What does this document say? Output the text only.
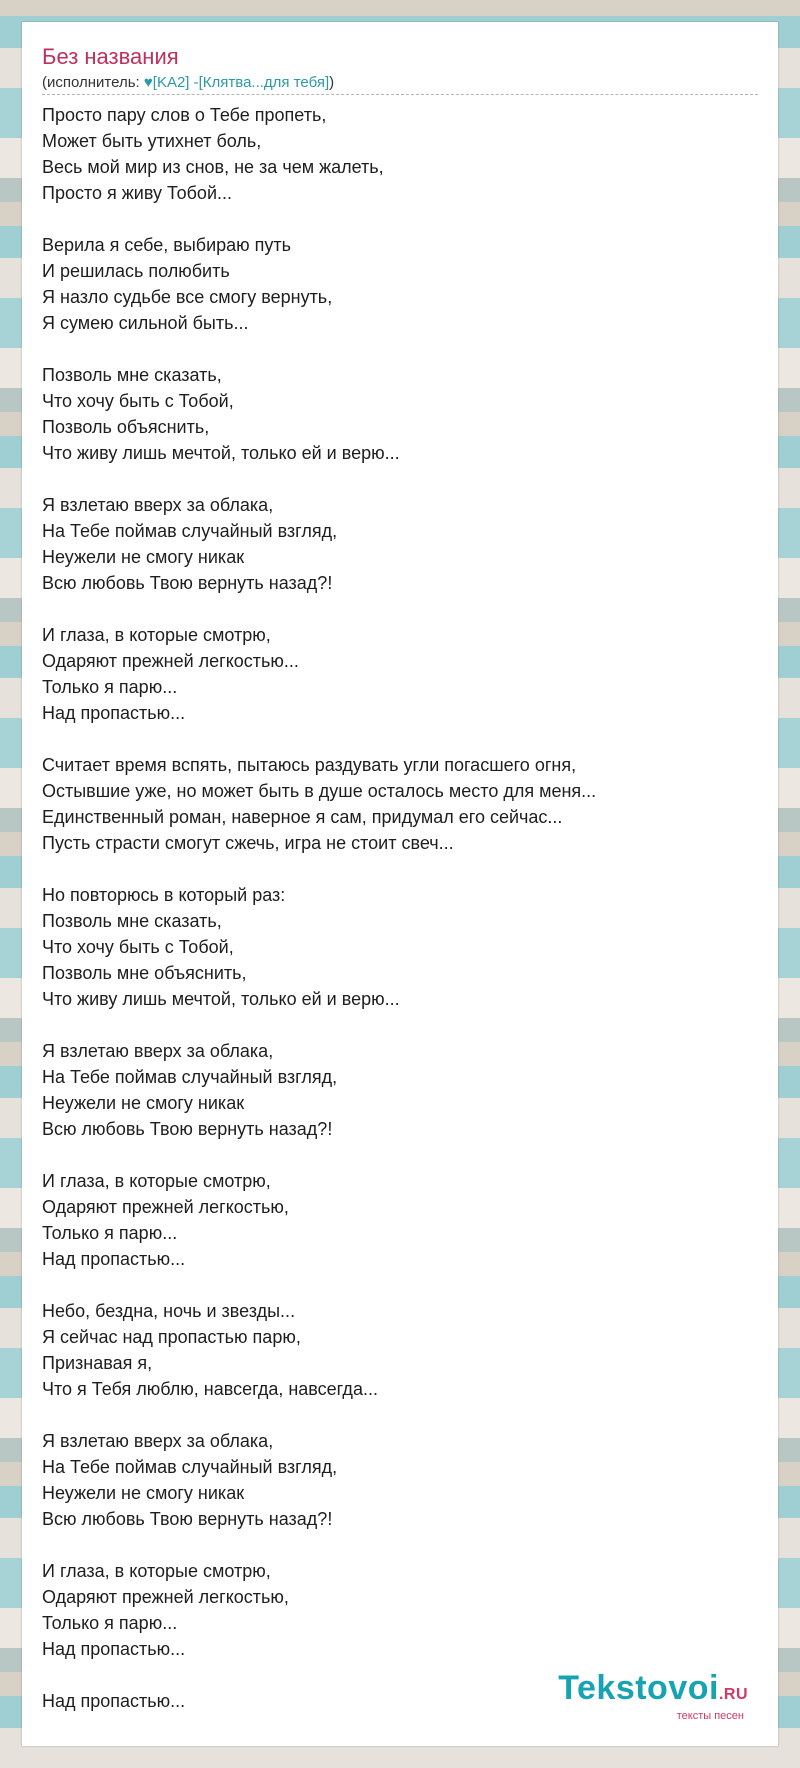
Без названия
(исполнитель: ♥[KA2] -[Клятва...для тебя])
Просто пару слов о Тебе пропеть,
Может быть утихнет боль,
Весь мой мир из снов, не за чем жалеть,
Просто я живу Тобой...
Верила я себе, выбираю путь
И решилась полюбить
Я назло судьбе все смогу вернуть,
Я сумею сильной быть...
Позволь мне сказать,
Что хочу быть с Тобой,
Позволь объяснить,
Что живу лишь мечтой, только ей и верю...
Я взлетаю вверх за облака,
На Тебе поймав случайный взгляд,
Неужели не смогу никак
Всю любовь Твою вернуть назад?!
И глаза, в которые смотрю,
Одаряют прежней легкостью...
Только я парю...
Над пропастью...
Считает время вспять, пытаюсь раздувать угли погасшего огня,
Остывшие уже, но может быть в душе осталось место для меня...
Единственный роман, наверное я сам, придумал его сейчас...
Пусть страсти смогут сжечь, игра не стоит свеч...
Но повторюсь в который раз:
Позволь мне сказать,
Что хочу быть с Тобой,
Позволь мне объяснить,
Что живу лишь мечтой, только ей и верю...
Я взлетаю вверх за облака,
На Тебе поймав случайный взгляд,
Неужели не смогу никак
Всю любовь Твою вернуть назад?!
И глаза, в которые смотрю,
Одаряют прежней легкостью,
Только я парю...
Над пропастью...
Небо, бездна, ночь и звезды...
Я сейчас над пропастью парю,
Признавая я,
Что я Тебя люблю, навсегда, навсегда...
Я взлетаю вверх за облака,
На Тебе поймав случайный взгляд,
Неужели не смогу никак
Всю любовь Твою вернуть назад?!
И глаза, в которые смотрю,
Одаряют прежней легкостью,
Только я парю...
Над пропастью...
Над пропастью...	Tekstovoi.RU
тексты песен
